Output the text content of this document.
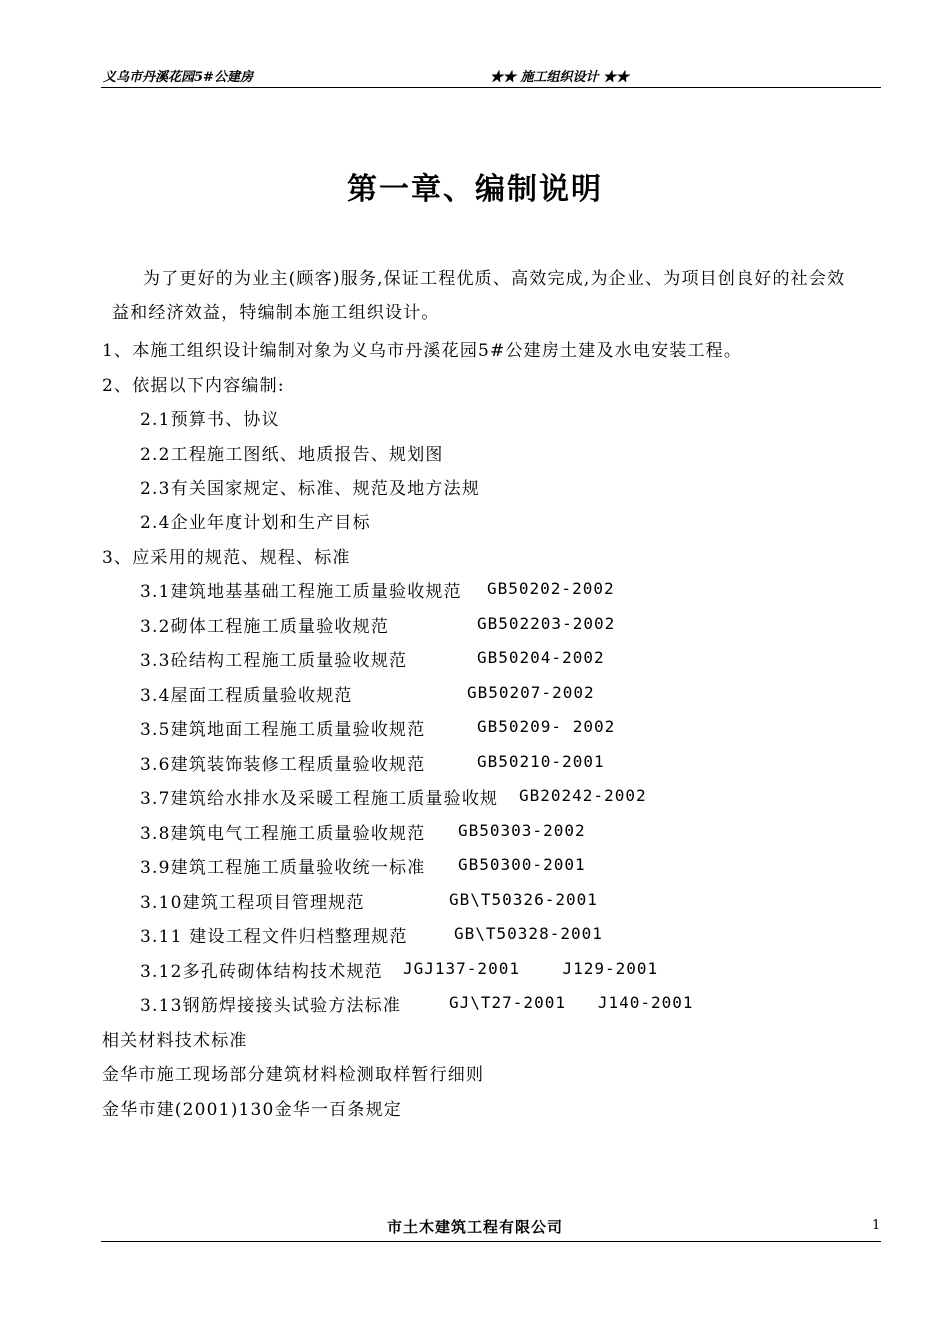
义乌市丹溪花园5#公建房	★★ 施工组织设计 ★★
第一章、编制说明
为了更好的为业主(顾客)服务,保证工程优质、高效完成,为企业、为项目创良好的社会效
益和经济效益，特编制本施工组织设计。
1、本施工组织设计编制对象为义乌市丹溪花园5#公建房土建及水电安装工程。
2、依据以下内容编制:
2.1预算书、协议
2.2工程施工图纸、地质报告、规划图
2.3有关国家规定、标准、规范及地方法规
2.4企业年度计划和生产目标
3、应采用的规范、规程、标准
3.1建筑地基基础工程施工质量验收规范 GB50202-2002
3.2砌体工程施工质量验收规范	GB502203-2002
3.3砼结构工程施工质量验收规范	GB50204-2002
3.4屋面工程质量验收规范	GB50207-2002
3.5建筑地面工程施工质量验收规范	GB50209- 2002
3.6建筑装饰装修工程质量验收规范	GB50210-2001
3.7建筑给水排水及采暖工程施工质量验收规 GB20242-2002
3.8建筑电气工程施工质量验收规范 GB50303-2002
3.9建筑工程施工质量验收统一标准 GB50300-2001
3.10建筑工程项目管理规范	GB\T50326-2001
3.11 建设工程文件归档整理规范	GB\T50328-2001
3.12多孔砖砌体结构技术规范 JGJ137-2001    J129-2001
3.13钢筋焊接接头试验方法标准	GJ\T27-2001   J140-2001
相关材料技术标准
金华市施工现场部分建筑材料检测取样暂行细则
金华市建(2001)130金华一百条规定
市土木建筑工程有限公司	1
